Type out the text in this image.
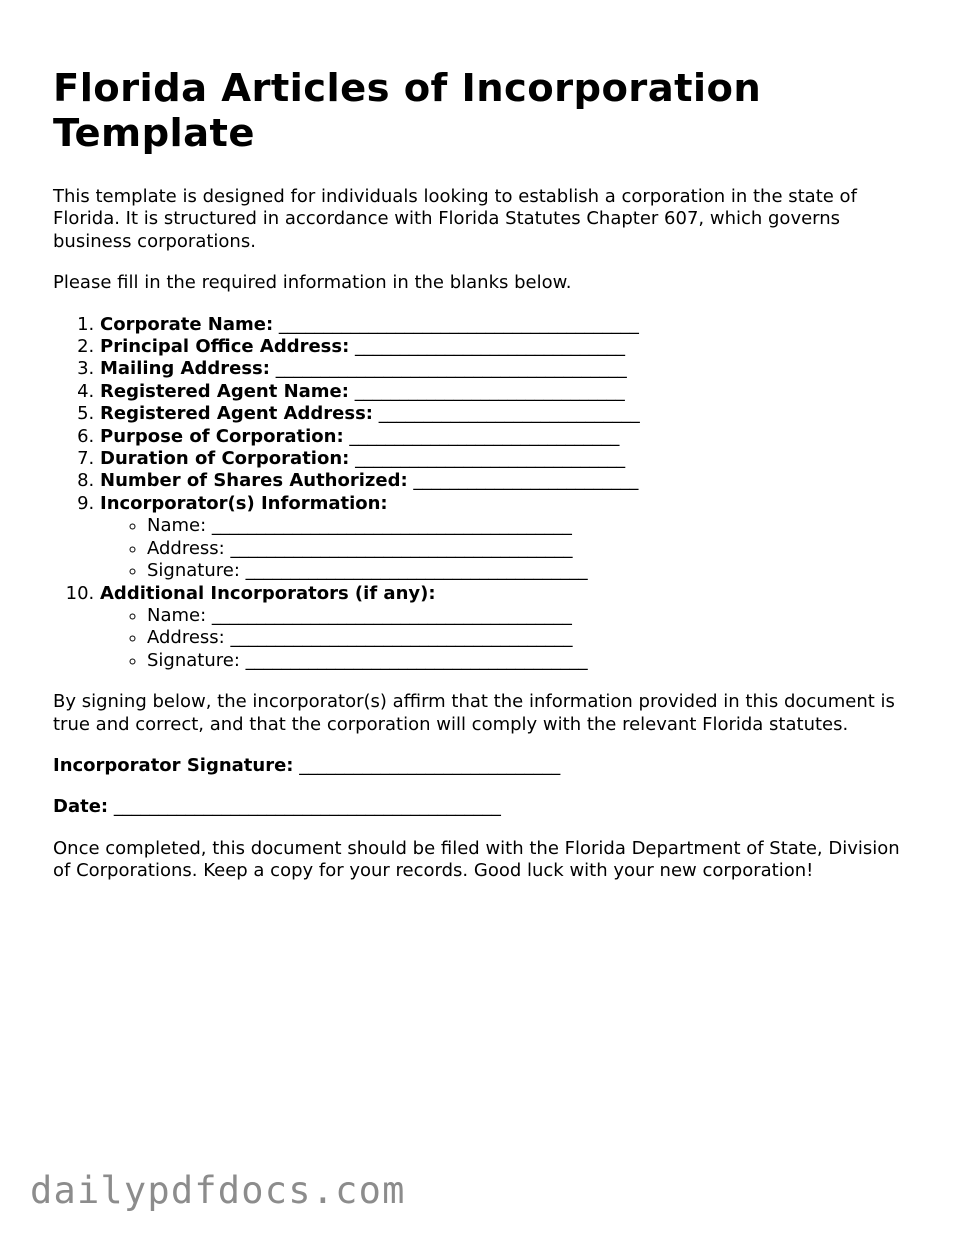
Florida Articles of Incorporation Template

This template is designed for individuals looking to establish a corporation in the state of Florida. It is structured in accordance with Florida Statutes Chapter 607, which governs business corporations.

Please fill in the required information in the blanks below.

1. Corporate Name: ________________________________________
2. Principal Office Address: ______________________________
3. Mailing Address: _______________________________________
4. Registered Agent Name: ______________________________
5. Registered Agent Address: _____________________________
6. Purpose of Corporation: ______________________________
7. Duration of Corporation: ______________________________
8. Number of Shares Authorized: _________________________
9. Incorporator(s) Information:
◦ Name: ________________________________________
◦ Address: ______________________________________
◦ Signature: ______________________________________
10. Additional Incorporators (if any):
◦ Name: ________________________________________
◦ Address: ______________________________________
◦ Signature: ______________________________________

By signing below, the incorporator(s) affirm that the information provided in this document is true and correct, and that the corporation will comply with the relevant Florida statutes.

Incorporator Signature: _____________________________

Date: ___________________________________________

Once completed, this document should be filed with the Florida Department of State, Division of Corporations. Keep a copy for your records. Good luck with your new corporation!

dailypdfdocs.com
